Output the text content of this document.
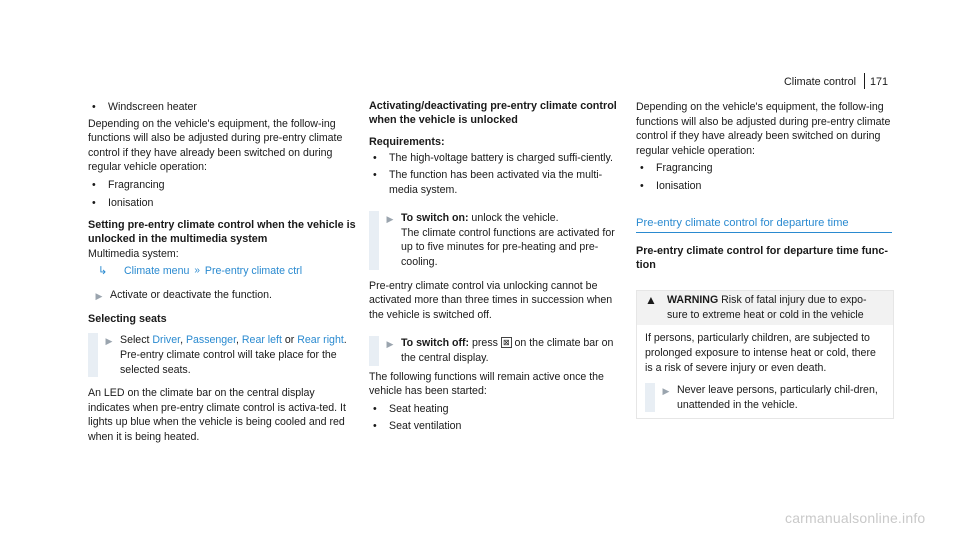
Climate control 171
•	Windscreen heater

Depending on the vehicle's equipment, the follow-ing functions will also be adjusted during pre-entry climate control if they have already been switched on during regular vehicle operation:

•	Fragrancing
•	Ionisation
Setting pre-entry climate control when the vehicle is unlocked in the multimedia system

Multimedia system:

↳	Climate menu » Pre-entry climate ctrl
▶ Activate or deactivate the function.
Selecting seats
▶ Select Driver, Passenger, Rear left or Rear right.
Pre-entry climate control will take place for the selected seats.

An LED on the climate bar on the central display indicates when pre-entry climate control is activa-ted. It lights up blue when the vehicle is being cooled and red when it is being heated.

Activating/deactivating pre-entry climate control when the vehicle is unlocked
Requirements:
•	The high-voltage battery is charged suffi-ciently.
•	The function has been activated via the multi-media system.
▶ To switch on: unlock the vehicle.
The climate control functions are activated for up to five minutes for pre-heating and pre-cooling.

Pre-entry climate control via unlocking cannot be activated more than three times in succession when the vehicle is switched off.

▶ To switch off: press ⊠ on the climate bar on the central display.

The following functions will remain active once the vehicle has been started:

•	Seat heating
•	Seat ventilation

Depending on the vehicle's equipment, the follow-ing functions will also be adjusted during pre-entry climate control if they have already been switched on during regular vehicle operation:

•	Fragrancing
•	Ionisation
Pre-entry climate control for departure time
Pre-entry climate control for departure time func-tion
▲ WARNING Risk of fatal injury due to expo-sure to extreme heat or cold in the vehicle

If persons, particularly children, are subjected to prolonged exposure to intense heat or cold, there is a risk of severe injury or even death.

▶ Never leave persons, particularly chil-dren, unattended in the vehicle.
carmanualsonline.info
